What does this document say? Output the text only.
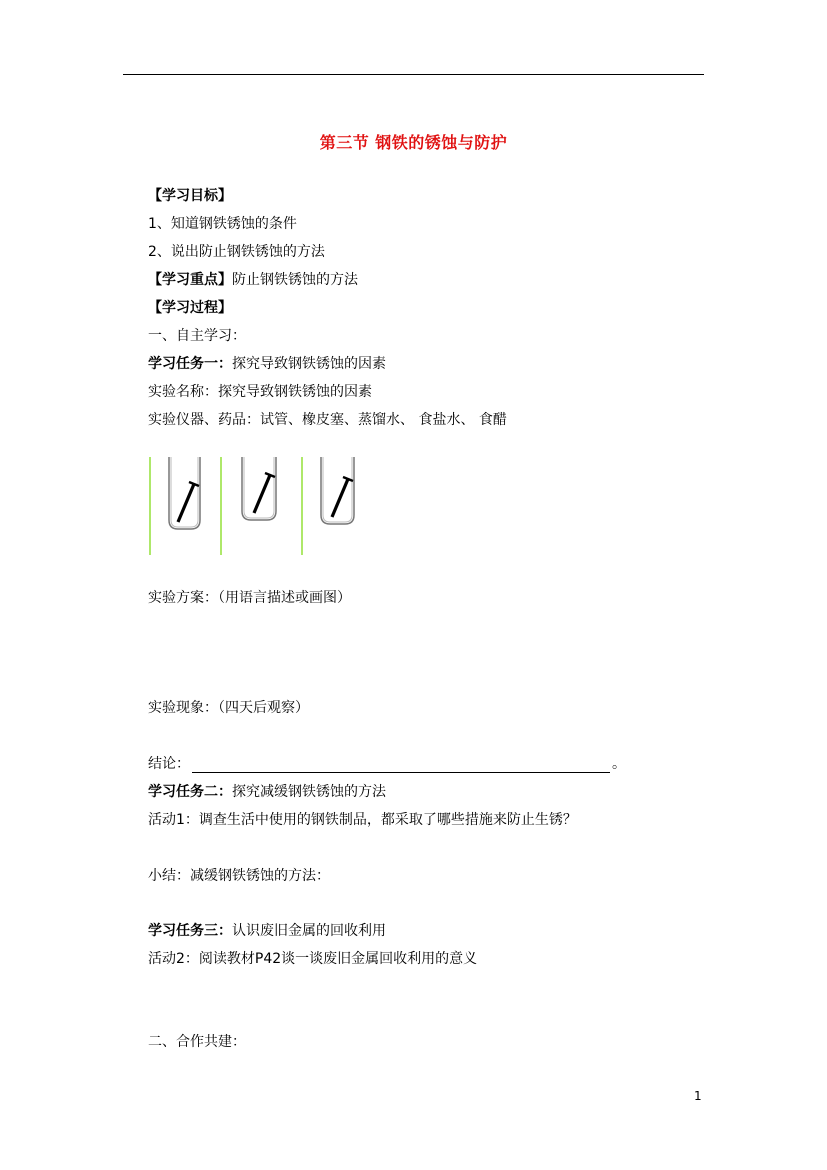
第三节 钢铁的锈蚀与防护
【学习目标】
1、知道钢铁锈蚀的条件
2、说出防止钢铁锈蚀的方法
【学习重点】防止钢铁锈蚀的方法
【学习过程】
一、自主学习：
学习任务一：探究导致钢铁锈蚀的因素
实验名称：探究导致钢铁锈蚀的因素
实验仪器、药品：试管、橡皮塞、蒸馏水、 食盐水、 食醋
实验方案：（用语言描述或画图）
实验现象：（四天后观察）
结论：	。
学习任务二：探究减缓钢铁锈蚀的方法
活动1：调查生活中使用的钢铁制品，都采取了哪些措施来防止生锈？
小结：减缓钢铁锈蚀的方法：
学习任务三：认识废旧金属的回收利用
活动2：阅读教材P42谈一谈废旧金属回收利用的意义
二、合作共建：
1
